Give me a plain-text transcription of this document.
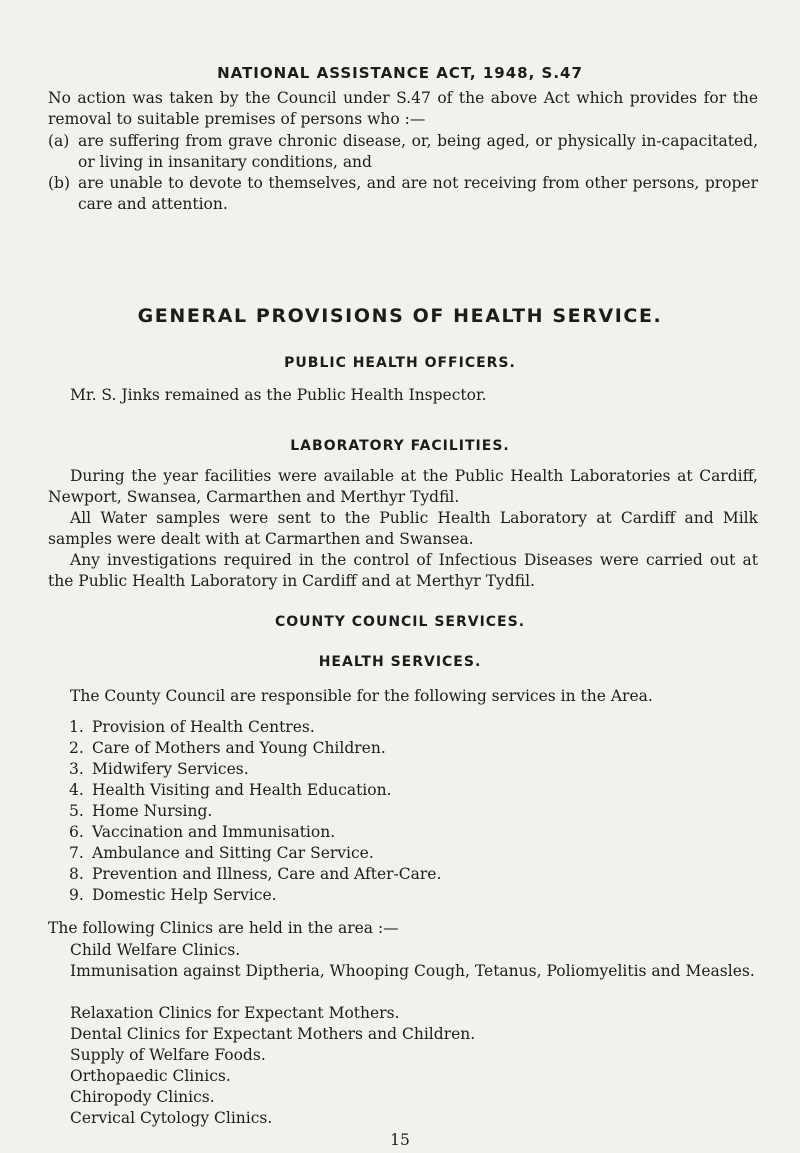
NATIONAL ASSISTANCE ACT, 1948, S.47
No action was taken by the Council under S.47 of the above Act which provides for the removal to suitable premises of persons who :—
(a) are suffering from grave chronic disease, or, being aged, or physically in-capacitated, or living in insanitary conditions, and
(b) are unable to devote to themselves, and are not receiving from other persons, proper care and attention.
GENERAL PROVISIONS OF HEALTH SERVICE.
PUBLIC HEALTH OFFICERS.
Mr. S. Jinks remained as the Public Health Inspector.
LABORATORY FACILITIES.
During the year facilities were available at the Public Health Laboratories at Cardiff, Newport, Swansea, Carmarthen and Merthyr Tydfil.
All Water samples were sent to the Public Health Laboratory at Cardiff and Milk samples were dealt with at Carmarthen and Swansea.
Any investigations required in the control of Infectious Diseases were carried out at the Public Health Laboratory in Cardiff and at Merthyr Tydfil.
COUNTY COUNCIL SERVICES.
HEALTH SERVICES.
The County Council are responsible for the following services in the Area.
1. Provision of Health Centres.
2. Care of Mothers and Young Children.
3. Midwifery Services.
4. Health Visiting and Health Education.
5. Home Nursing.
6. Vaccination and Immunisation.
7. Ambulance and Sitting Car Service.
8. Prevention and Illness, Care and After-Care.
9. Domestic Help Service.
The following Clinics are held in the area :—
Child Welfare Clinics.
Immunisation against Diptheria, Whooping Cough, Tetanus, Poliomyelitis and Measles.
Relaxation Clinics for Expectant Mothers.
Dental Clinics for Expectant Mothers and Children.
Supply of Welfare Foods.
Orthopaedic Clinics.
Chiropody Clinics.
Cervical Cytology Clinics.
15
